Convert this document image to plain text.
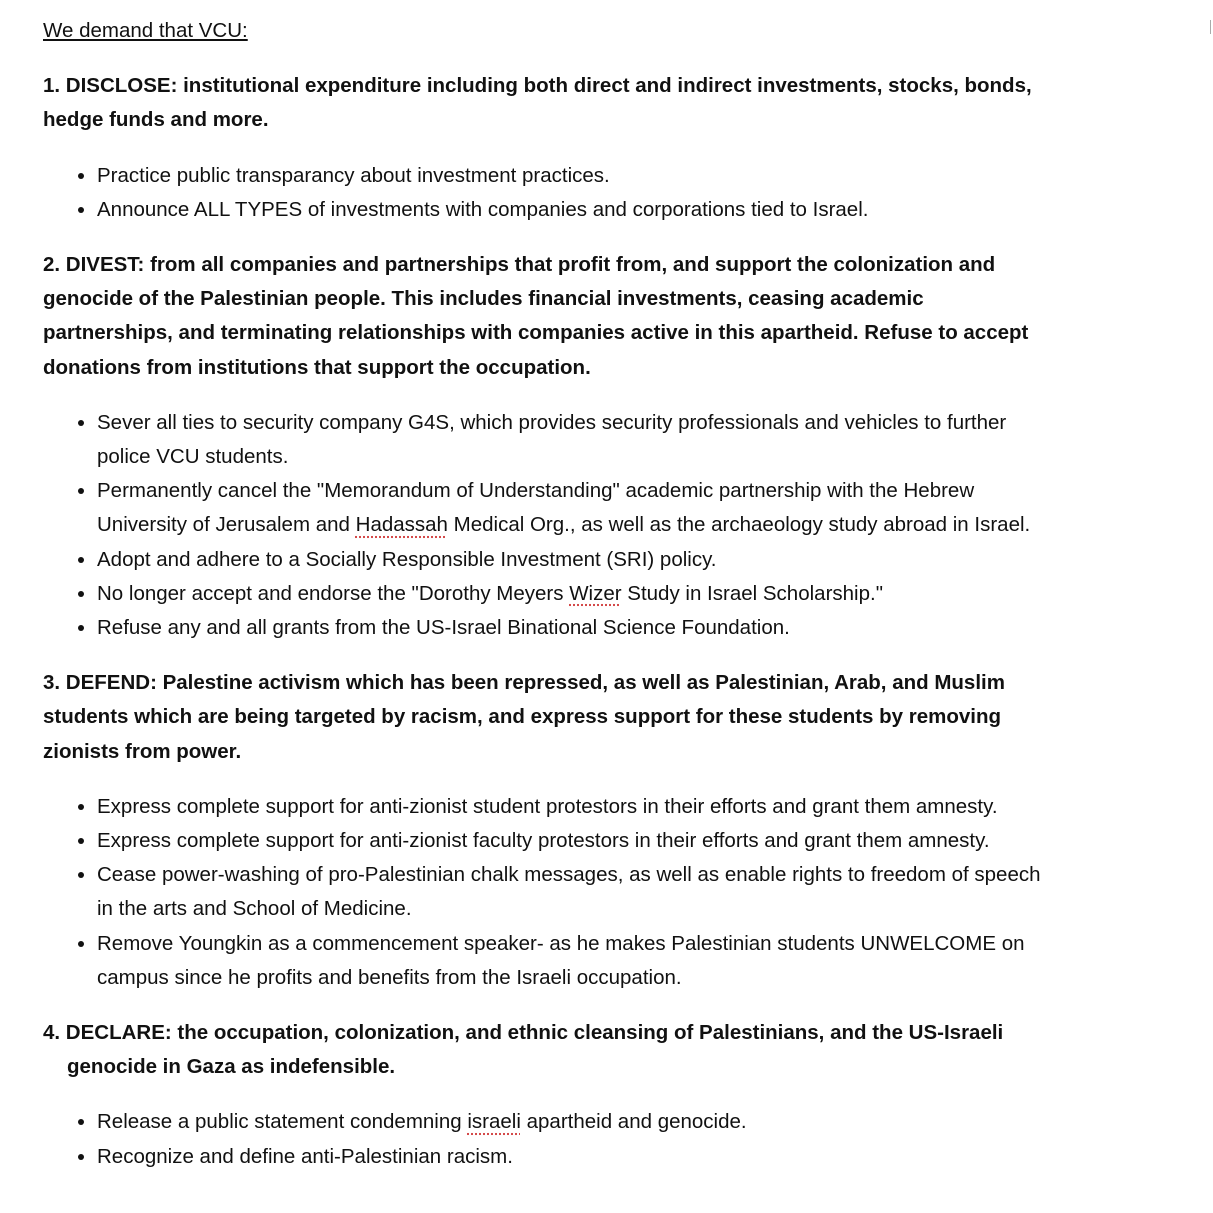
We demand that VCU:

1. DISCLOSE: institutional expenditure including both direct and indirect investments, stocks, bonds, hedge funds and more.

• Practice public transparancy about investment practices.
• Announce ALL TYPES of investments with companies and corporations tied to Israel.

2. DIVEST: from all companies and partnerships that profit from, and support the colonization and genocide of the Palestinian people. This includes financial investments, ceasing academic partnerships, and terminating relationships with companies active in this apartheid. Refuse to accept donations from institutions that support the occupation.

• Sever all ties to security company G4S, which provides security professionals and vehicles to further police VCU students.
• Permanently cancel the "Memorandum of Understanding" academic partnership with the Hebrew University of Jerusalem and Hadassah Medical Org., as well as the archaeology study abroad in Israel.
• Adopt and adhere to a Socially Responsible Investment (SRI) policy.
• No longer accept and endorse the "Dorothy Meyers Wizer Study in Israel Scholarship."
• Refuse any and all grants from the US-Israel Binational Science Foundation.

3. DEFEND: Palestine activism which has been repressed, as well as Palestinian, Arab, and Muslim students which are being targeted by racism, and express support for these students by removing zionists from power.

• Express complete support for anti-zionist student protestors in their efforts and grant them amnesty.
• Express complete support for anti-zionist faculty protestors in their efforts and grant them amnesty.
• Cease power-washing of pro-Palestinian chalk messages, as well as enable rights to freedom of speech in the arts and School of Medicine.
• Remove Youngkin as a commencement speaker- as he makes Palestinian students UNWELCOME on campus since he profits and benefits from the Israeli occupation.

4. DECLARE: the occupation, colonization, and ethnic cleansing of Palestinians, and the US-Israeli genocide in Gaza as indefensible.

• Release a public statement condemning israeli apartheid and genocide.
• Recognize and define anti-Palestinian racism.
